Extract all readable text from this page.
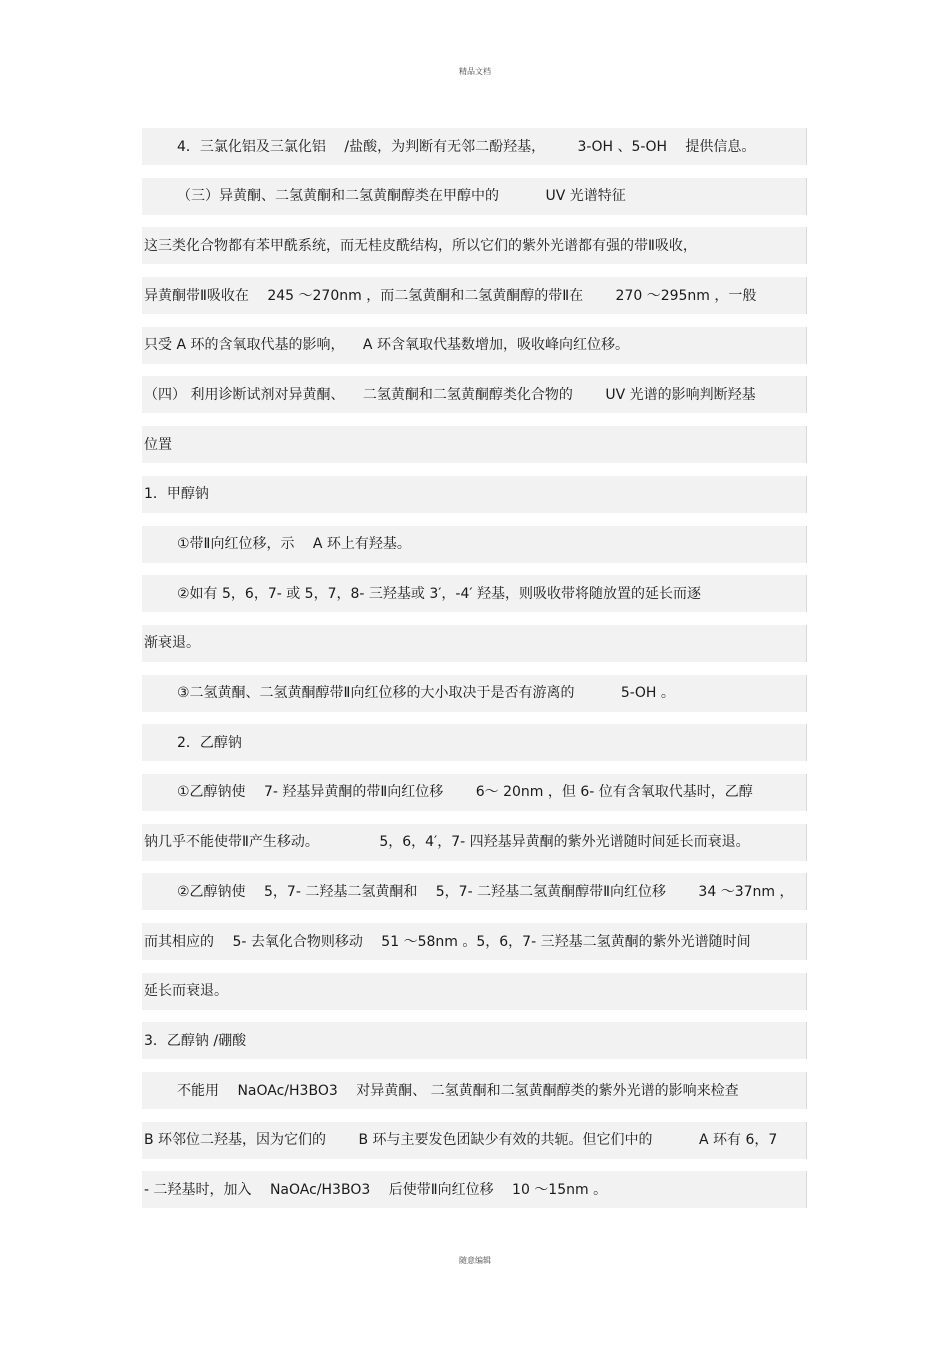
精品文档
4．三氯化铝及三氯化铝 　/盐酸，为判断有无邻二酚羟基， 　　3-OH 、5-OH 　提供信息。
（三）异黄酮、二氢黄酮和二氢黄酮醇类在甲醇中的 　　　UV 光谱特征
这三类化合物都有苯甲酰系统，而无桂皮酰结构，所以它们的紫外光谱都有强的带Ⅱ吸收，
异黄酮带Ⅱ吸收在 　245 ～270nm ，而二氢黄酮和二氢黄酮醇的带Ⅱ在 　　270 ～295nm ，一般
只受 A 环的含氧取代基的影响， 　A 环含氧取代基数增加，吸收峰向红位移。
（四） 利用诊断试剂对异黄酮、 　二氢黄酮和二氢黄酮醇类化合物的 　　UV 光谱的影响判断羟基
位置
1．甲醇钠
①带Ⅱ向红位移，示 　A 环上有羟基。
②如有 5，6，7- 或 5，7，8- 三羟基或 3′，-4′ 羟基，则吸收带将随放置的延长而逐
渐衰退。
③二氢黄酮、二氢黄酮醇带Ⅱ向红位移的大小取决于是否有游离的 　　　5-OH 。
2．乙醇钠
①乙醇钠使 　7- 羟基异黄酮的带Ⅱ向红位移 　　6～ 20nm ，但 6- 位有含氧取代基时，乙醇
钠几乎不能使带Ⅱ产生移动。 　　　　5，6，4′，7- 四羟基异黄酮的紫外光谱随时间延长而衰退。
②乙醇钠使 　5，7- 二羟基二氢黄酮和 　5，7- 二羟基二氢黄酮醇带Ⅱ向红位移 　　34 ～37nm ，
而其相应的 　5- 去氧化合物则移动 　51 ～58nm 。5，6，7- 三羟基二氢黄酮的紫外光谱随时间
延长而衰退。
3．乙醇钠 /硼酸
不能用 　NaOAc/H3BO3 　对异黄酮、 二氢黄酮和二氢黄酮醇类的紫外光谱的影响来检查
B 环邻位二羟基，因为它们的 　　B 环与主要发色团缺少有效的共轭。但它们中的 　　　A 环有 6，7
- 二羟基时，加入 　NaOAc/H3BO3 　后使带Ⅱ向红位移 　10 ～15nm 。
随意编辑
